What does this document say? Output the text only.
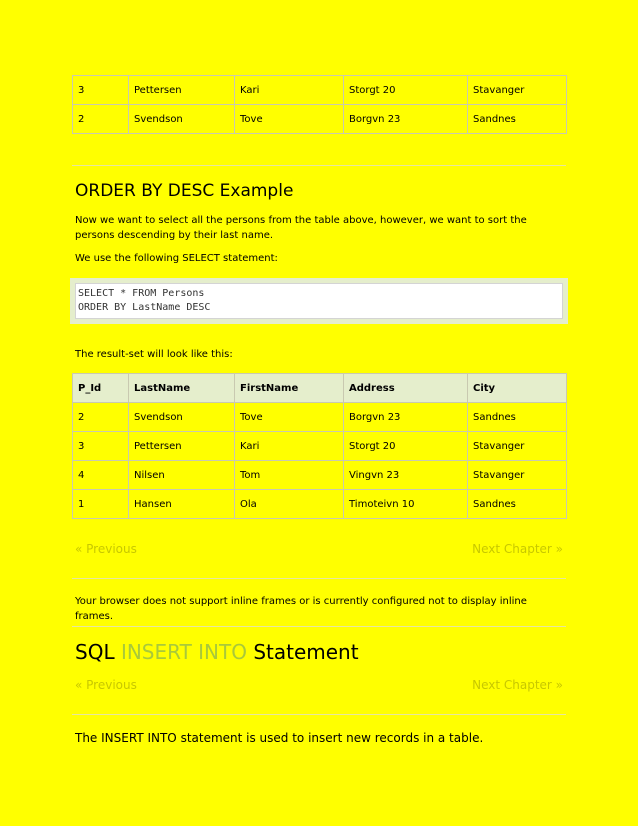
3	Pettersen	Kari	Storgt 20	Stavanger
2	Svendson	Tove	Borgvn 23	Sandnes
ORDER BY DESC Example

Now we want to select all the persons from the table above, however, we want to sort the persons descending by their last name.

We use the following SELECT statement:

SELECT * FROM Persons
ORDER BY LastName DESC

The result-set will look like this:

P_Id	LastName	FirstName	Address	City
2	Svendson	Tove	Borgvn 23	Sandnes
3	Pettersen	Kari	Storgt 20	Stavanger
4	Nilsen	Tom	Vingvn 23	Stavanger
1	Hansen	Ola	Timoteivn 10	Sandnes
« Previous	Next Chapter »

Your browser does not support inline frames or is currently configured not to display inline frames.

SQL INSERT INTO Statement
« Previous	Next Chapter »

The INSERT INTO statement is used to insert new records in a table.
